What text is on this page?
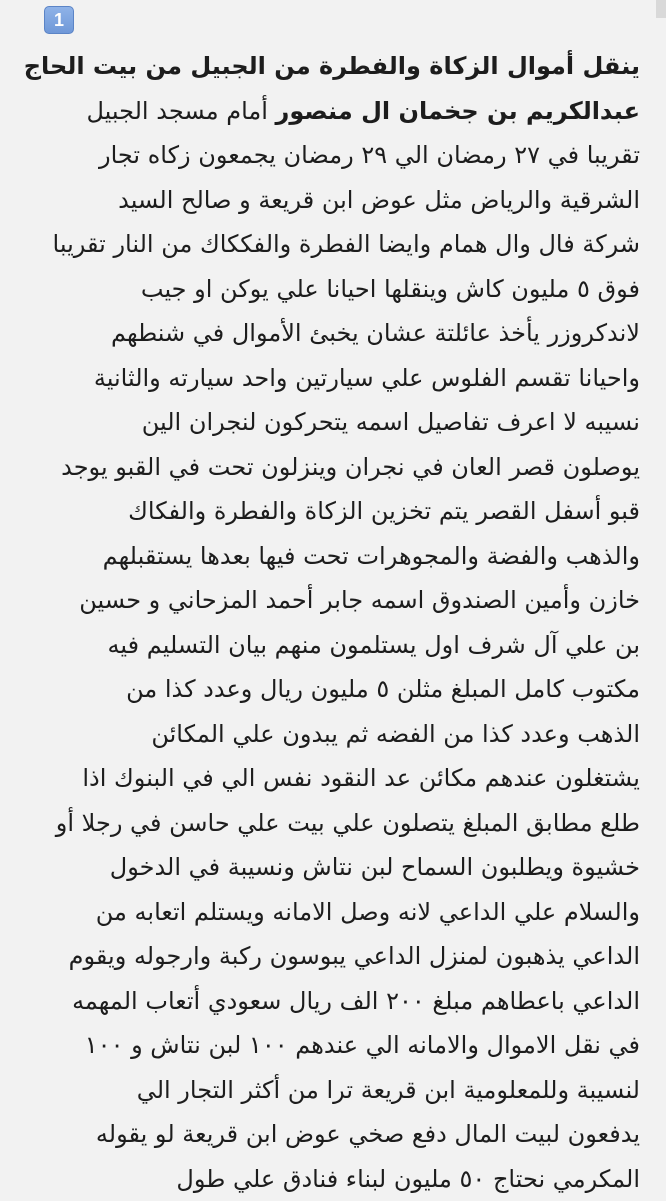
1
ينقل أموال الزكاة والفطرة من الجبيل من بيت الحاج
عبدالكريم بن جخمان ال منصور أمام مسجد الجبيل
تقريبا في ٢٧ رمضان الي ٢٩ رمضان يجمعون زكاه تجار
الشرقية والرياض مثل عوض ابن قريعة و صالح السيد
شركة فال وال همام وايضا الفطرة والفككاك من النار تقريبا
فوق ٥ مليون كاش وينقلها احيانا علي يوكن او جيب
لاندكروزر يأخذ عائلتة عشان يخبئ الأموال في شنطهم
واحيانا تقسم الفلوس علي سيارتين واحد سيارته والثانية
نسيبه لا اعرف تفاصيل اسمه يتحركون لنجران الين
يوصلون قصر العان في نجران وينزلون تحت في القبو يوجد
قبو أسفل القصر يتم تخزين الزكاة والفطرة والفكاك
والذهب والفضة والمجوهرات تحت فيها بعدها يستقبلهم
خازن وأمين الصندوق اسمه جابر أحمد المزحاني و حسين
بن علي آل شرف اول يستلمون منهم بيان التسليم فيه
مكتوب كامل المبلغ مثلن ٥ مليون ريال وعدد كذا من
الذهب وعدد كذا من الفضه ثم يبدون علي المكائن
يشتغلون عندهم مكائن عد النقود نفس الي في البنوك اذا
طلع مطابق المبلغ يتصلون علي بيت علي حاسن في رجلا أو
خشيوة ويطلبون السماح لبن نتاش ونسيبة في الدخول
والسلام علي الداعي لانه وصل الامانه ويستلم اتعابه من
الداعي يذهبون لمنزل الداعي يبوسون ركبة وارجوله ويقوم
الداعي باعطاهم مبلغ ٢٠٠ الف ريال سعودي أتعاب المهمه
في نقل الاموال والامانه الي عندهم ١٠٠ لبن نتاش و ١٠٠
لنسيبة وللمعلومية ابن قريعة ترا من أكثر التجار الي
يدفعون لبيت المال دفع صخي عوض ابن قريعة لو يقوله
المكرمي نحتاج ٥٠ مليون لبناء فنادق علي طول
